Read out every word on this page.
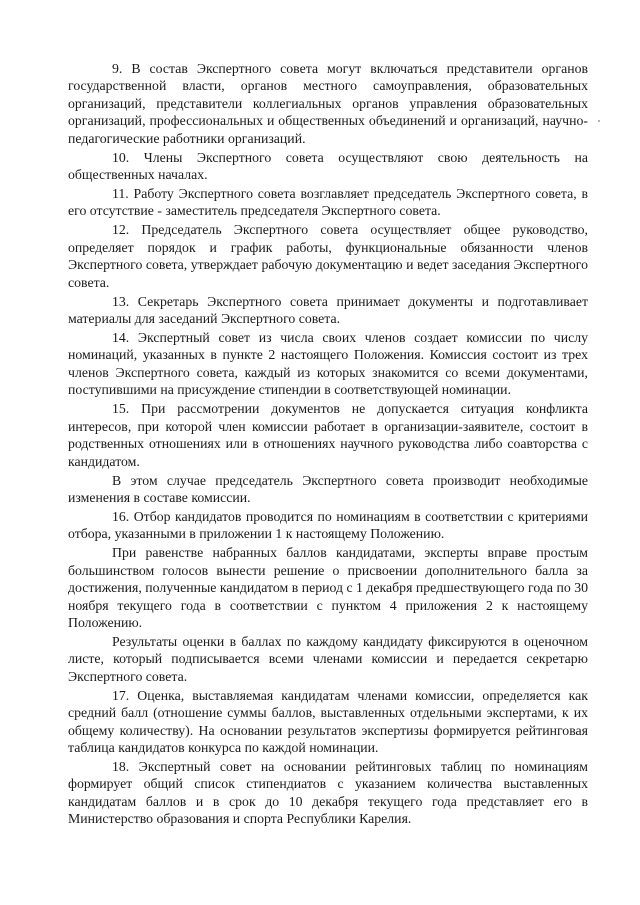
9. В состав Экспертного совета могут включаться представители органов государственной власти, органов местного самоуправления, образовательных организаций, представители коллегиальных органов управления образовательных организаций, профессиональных и общественных объединений и организаций, научно-педагогические работники организаций.

10. Члены Экспертного совета осуществляют свою деятельность на общественных началах.

11. Работу Экспертного совета возглавляет председатель Экспертного совета, в его отсутствие - заместитель председателя Экспертного совета.

12. Председатель Экспертного совета осуществляет общее руководство, определяет порядок и график работы, функциональные обязанности членов Экспертного совета, утверждает рабочую документацию и ведет заседания Экспертного совета.

13. Секретарь Экспертного совета принимает документы и подготавливает материалы для заседаний Экспертного совета.

14. Экспертный совет из числа своих членов создает комиссии по числу номинаций, указанных в пункте 2 настоящего Положения. Комиссия состоит из трех членов Экспертного совета, каждый из которых знакомится со всеми документами, поступившими на присуждение стипендии в соответствующей номинации.

15. При рассмотрении документов не допускается ситуация конфликта интересов, при которой член комиссии работает в организации-заявителе, состоит в родственных отношениях или в отношениях научного руководства либо соавторства с кандидатом.

В этом случае председатель Экспертного совета производит необходимые изменения в составе комиссии.

16. Отбор кандидатов проводится по номинациям в соответствии с критериями отбора, указанными в приложении 1 к настоящему Положению.

При равенстве набранных баллов кандидатами, эксперты вправе простым большинством голосов вынести решение о присвоении дополнительного балла за достижения, полученные кандидатом в период с 1 декабря предшествующего года по 30 ноября текущего года в соответствии с пунктом 4 приложения 2 к настоящему Положению.

Результаты оценки в баллах по каждому кандидату фиксируются в оценочном листе, который подписывается всеми членами комиссии и передается секретарю Экспертного совета.

17. Оценка, выставляемая кандидатам членами комиссии, определяется как средний балл (отношение суммы баллов, выставленных отдельными экспертами, к их общему количеству). На основании результатов экспертизы формируется рейтинговая таблица кандидатов конкурса по каждой номинации.

18. Экспертный совет на основании рейтинговых таблиц по номинациям формирует общий список стипендиатов с указанием количества выставленных кандидатам баллов и в срок до 10 декабря текущего года представляет его в Министерство образования и спорта Республики Карелия.
